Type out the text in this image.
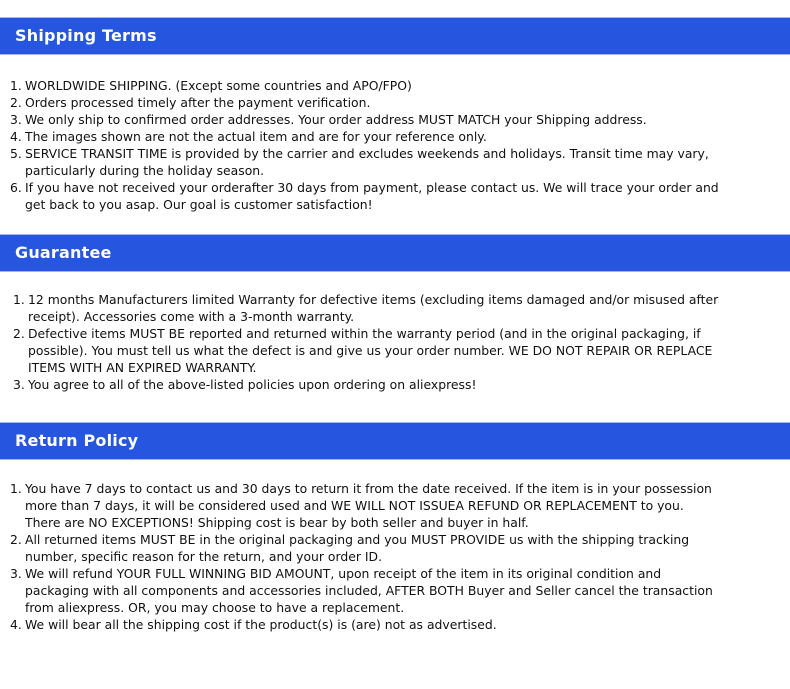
Shipping Terms
1. WORLDWIDE SHIPPING. (Except some countries and APO/FPO)
2. Orders processed timely after the payment verification.
3. We only ship to confirmed order addresses. Your order address MUST MATCH your Shipping address.
4. The images shown are not the actual item and are for your reference only.
5. SERVICE TRANSIT TIME is provided by the carrier and excludes weekends and holidays. Transit time may vary,
particularly during the holiday season.
6. If you have not received your orderafter 30 days from payment, please contact us. We will trace your order and
get back to you asap. Our goal is customer satisfaction!
Guarantee
1. 12 months Manufacturers limited Warranty for defective items (excluding items damaged and/or misused after
receipt). Accessories come with a 3-month warranty.
2. Defective items MUST BE reported and returned within the warranty period (and in the original packaging, if
possible). You must tell us what the defect is and give us your order number. WE DO NOT REPAIR OR REPLACE
ITEMS WITH AN EXPIRED WARRANTY.
3. You agree to all of the above-listed policies upon ordering on aliexpress!
Return Policy
1. You have 7 days to contact us and 30 days to return it from the date received. If the item is in your possession
more than 7 days, it will be considered used and WE WILL NOT ISSUEA REFUND OR REPLACEMENT to you.
There are NO EXCEPTIONS! Shipping cost is bear by both seller and buyer in half.
2. All returned items MUST BE in the original packaging and you MUST PROVIDE us with the shipping tracking
number, specific reason for the return, and your order ID.
3. We will refund YOUR FULL WINNING BID AMOUNT, upon receipt of the item in its original condition and
packaging with all components and accessories included, AFTER BOTH Buyer and Seller cancel the transaction
from aliexpress. OR, you may choose to have a replacement.
4. We will bear all the shipping cost if the product(s) is (are) not as advertised.
